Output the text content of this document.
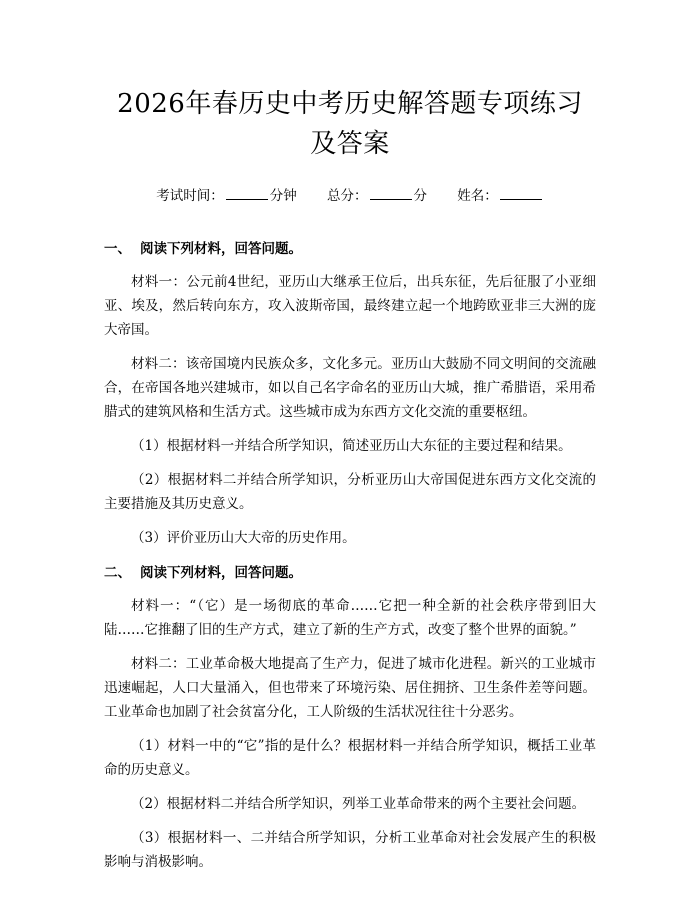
2026年春历史中考历史解答题专项练习及答案
考试时间：	分钟 总分：	分 姓名：

一、 阅读下列材料，回答问题。

材料一：公元前4世纪，亚历山大继承王位后，出兵东征，先后征服了小亚细亚、埃及，然后转向东方，攻入波斯帝国，最终建立起一个地跨欧亚非三大洲的庞大帝国。

材料二：该帝国境内民族众多，文化多元。亚历山大鼓励不同文明间的交流融合，在帝国各地兴建城市，如以自己名字命名的亚历山大城，推广希腊语，采用希腊式的建筑风格和生活方式。这些城市成为东西方文化交流的重要枢纽。

（1）根据材料一并结合所学知识，简述亚历山大东征的主要过程和结果。

（2）根据材料二并结合所学知识，分析亚历山大帝国促进东西方文化交流的主要措施及其历史意义。

（3）评价亚历山大大帝的历史作用。

二、 阅读下列材料，回答问题。

材料一：“（它）是一场彻底的革命……它把一种全新的社会秩序带到旧大陆……它推翻了旧的生产方式，建立了新的生产方式，改变了整个世界的面貌。”

材料二：工业革命极大地提高了生产力，促进了城市化进程。新兴的工业城市迅速崛起，人口大量涌入，但也带来了环境污染、居住拥挤、卫生条件差等问题。工业革命也加剧了社会贫富分化，工人阶级的生活状况往往十分恶劣。

（1）材料一中的“它”指的是什么？根据材料一并结合所学知识，概括工业革命的历史意义。

（2）根据材料二并结合所学知识，列举工业革命带来的两个主要社会问题。

（3）根据材料一、二并结合所学知识，分析工业革命对社会发展产生的积极影响与消极影响。
